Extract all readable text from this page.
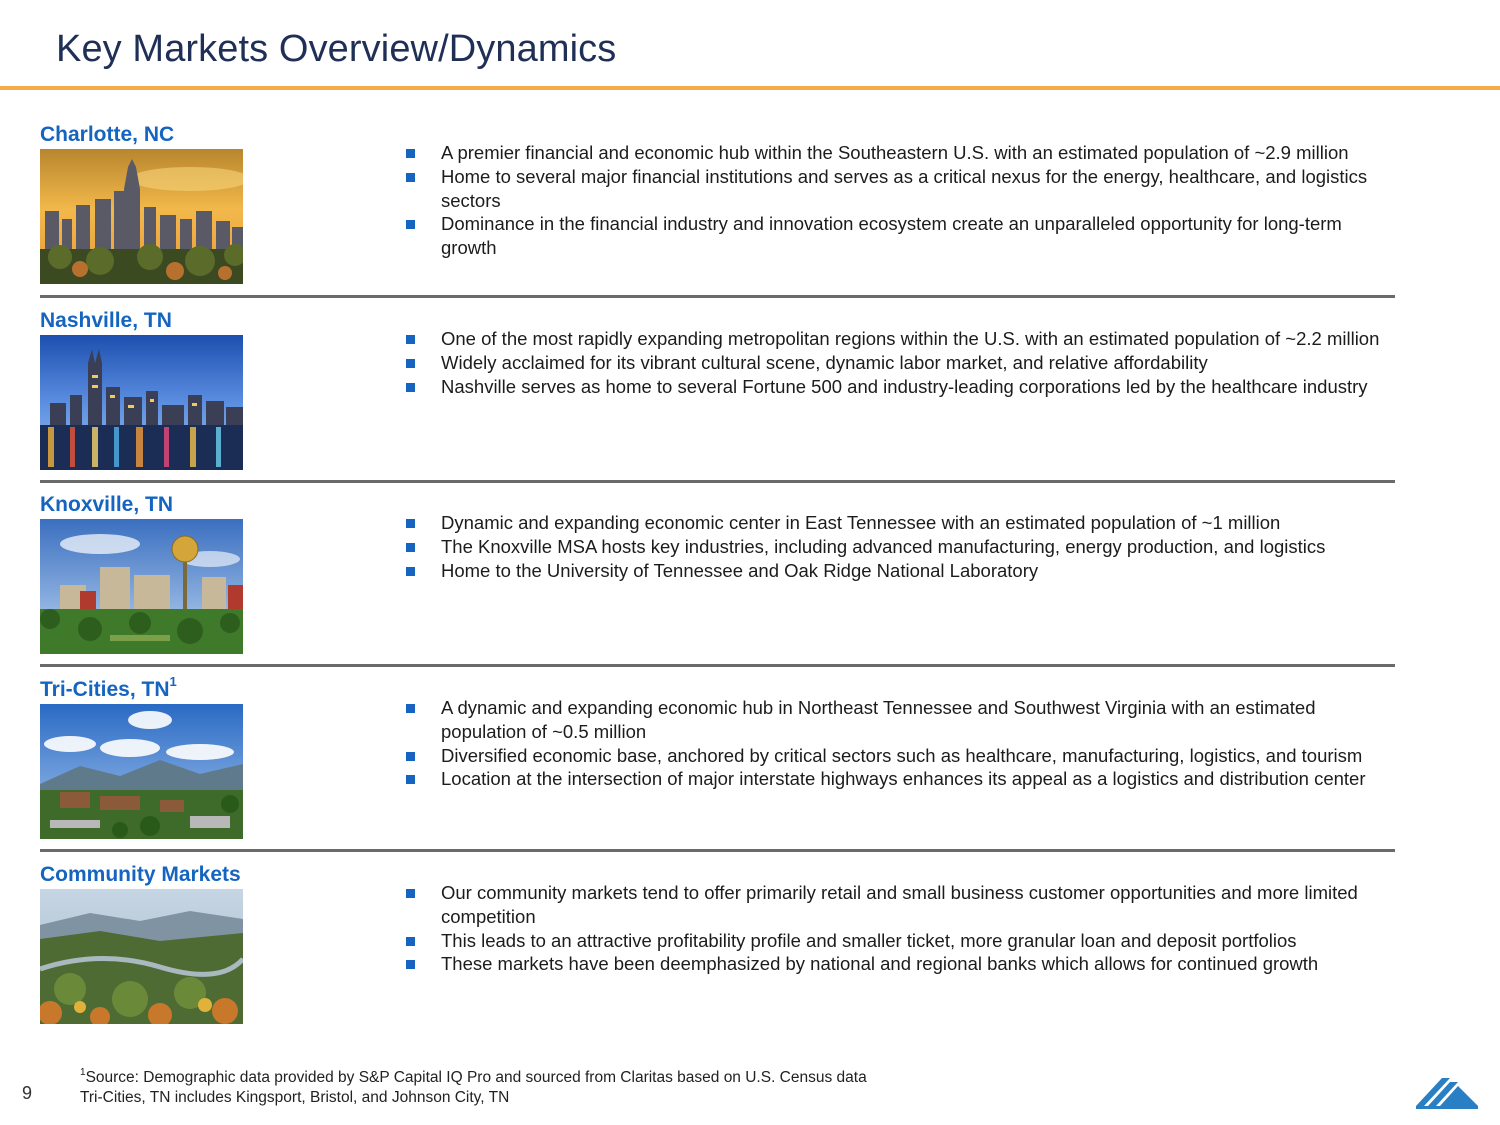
Key Markets Overview/Dynamics
Charlotte, NC
A premier financial and economic hub within the Southeastern U.S. with an estimated population of ~2.9 million
Home to several major financial institutions and serves as a critical nexus for the energy, healthcare, and logistics sectors
Dominance in the financial industry and innovation ecosystem create an unparalleled opportunity for long-term growth
Nashville, TN
One of the most rapidly expanding metropolitan regions within the U.S. with an estimated population of ~2.2 million
Widely acclaimed for its vibrant cultural scene, dynamic labor market, and relative affordability
Nashville serves as home to several Fortune 500 and industry-leading corporations led by the healthcare industry
Knoxville, TN
Dynamic and expanding economic center in East Tennessee with an estimated population of ~1 million
The Knoxville MSA hosts key industries, including advanced manufacturing, energy production, and logistics
Home to the University of Tennessee and Oak Ridge National Laboratory
Tri-Cities, $TN^1$
A dynamic and expanding economic hub in Northeast Tennessee and Southwest Virginia with an estimated population of ~0.5 million
Diversified economic base, anchored by critical sectors such as healthcare, manufacturing, logistics, and tourism
Location at the intersection of major interstate highways enhances its appeal as a logistics and distribution center
Community Markets
Our community markets tend to offer primarily retail and small business customer opportunities and more limited competition
This leads to an attractive profitability profile and smaller ticket, more granular loan and deposit portfolios
These markets have been deemphasized by national and regional banks which allows for continued growth
9
$^1$Source: Demographic data provided by S&P Capital IQ Pro and sourced from Claritas based on U.S. Census data
Tri-Cities, TN includes Kingsport, Bristol, and Johnson City, TN
